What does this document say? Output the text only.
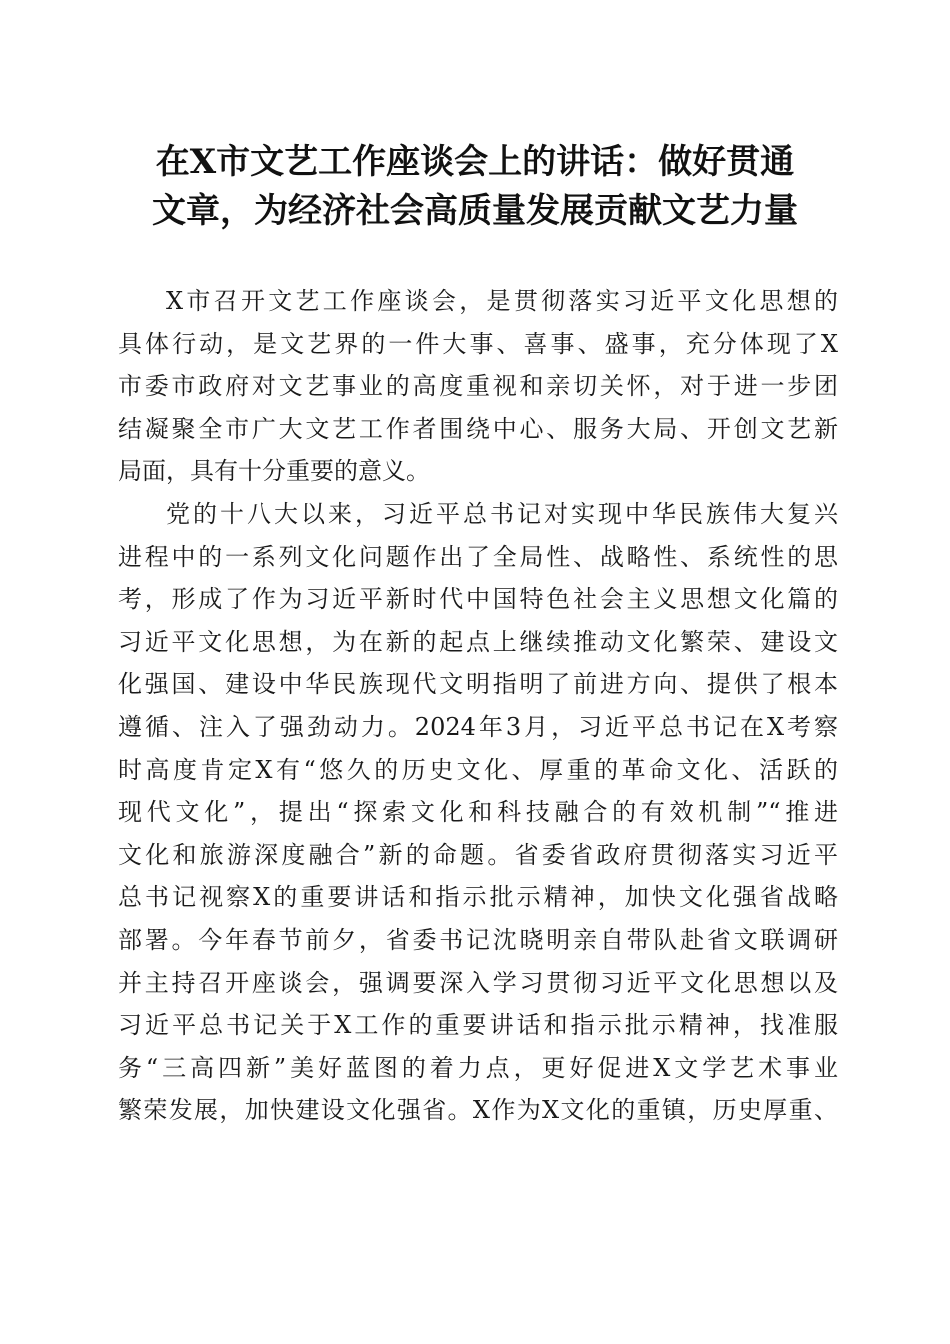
在X市文艺工作座谈会上的讲话：做好贯通
文章，为经济社会高质量发展贡献文艺力量
X市召开文艺工作座谈会，是贯彻落实习近平文化思想的
具体行动，是文艺界的一件大事、喜事、盛事，充分体现了X
市委市政府对文艺事业的高度重视和亲切关怀，对于进一步团
结凝聚全市广大文艺工作者围绕中心、服务大局、开创文艺新
局面，具有十分重要的意义。
党的十八大以来，习近平总书记对实现中华民族伟大复兴
进程中的一系列文化问题作出了全局性、战略性、系统性的思
考，形成了作为习近平新时代中国特色社会主义思想文化篇的
习近平文化思想，为在新的起点上继续推动文化繁荣、建设文
化强国、建设中华民族现代文明指明了前进方向、提供了根本
遵循、注入了强劲动力。2024年3月，习近平总书记在X考察
时高度肯定X有“悠久的历史文化、厚重的革命文化、活跃的
现代文化”，提出“探索文化和科技融合的有效机制”“推进
文化和旅游深度融合”新的命题。省委省政府贯彻落实习近平
总书记视察X的重要讲话和指示批示精神，加快文化强省战略
部署。今年春节前夕，省委书记沈晓明亲自带队赴省文联调研
并主持召开座谈会，强调要深入学习贯彻习近平文化思想以及
习近平总书记关于X工作的重要讲话和指示批示精神，找准服
务“三高四新”美好蓝图的着力点，更好促进X文学艺术事业
繁荣发展，加快建设文化强省。X作为X文化的重镇，历史厚重、
